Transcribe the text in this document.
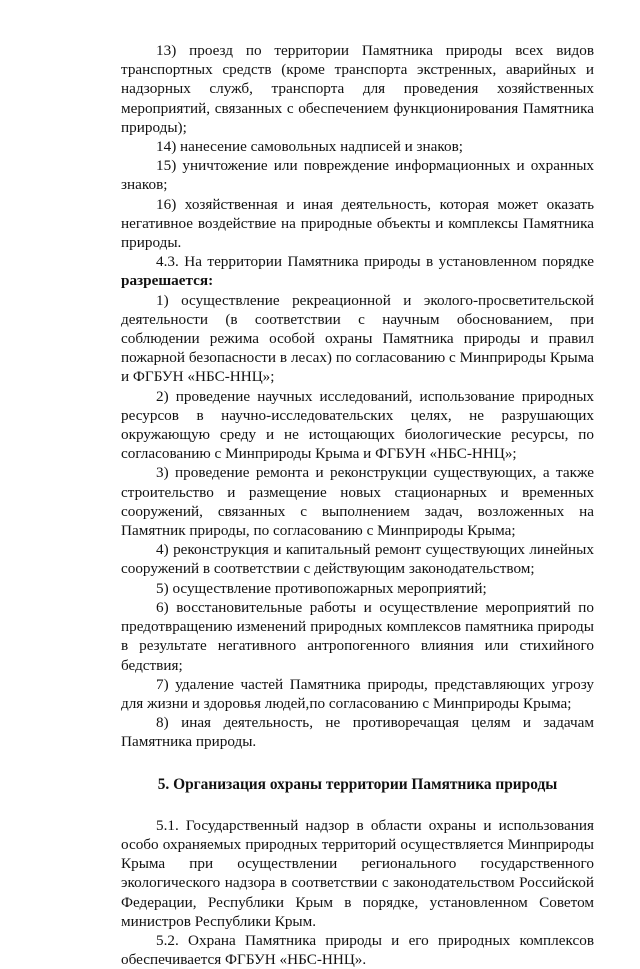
13) проезд по территории Памятника природы всех видов транспортных средств (кроме транспорта экстренных, аварийных и надзорных служб, транспорта для проведения хозяйственных мероприятий, связанных с обеспечением функционирования Памятника природы);

14) нанесение самовольных надписей и знаков;

15) уничтожение или повреждение информационных и охранных знаков;

16) хозяйственная и иная деятельность, которая может оказать негативное воздействие на природные объекты и комплексы Памятника природы.

4.3. На территории Памятника природы в установленном порядке разрешается:

1) осуществление рекреационной и эколого-просветительской деятельности (в соответствии с научным обоснованием, при соблюдении режима особой охраны Памятника природы и правил пожарной безопасности в лесах) по согласованию с Минприроды Крыма и ФГБУН «НБС-ННЦ»;

2) проведение научных исследований, использование природных ресурсов в научно-исследовательских целях, не разрушающих окружающую среду и не истощающих биологические ресурсы, по согласованию с Минприроды Крыма и ФГБУН «НБС-ННЦ»;

3) проведение ремонта и реконструкции существующих, а также строительство и размещение новых стационарных и временных сооружений, связанных с выполнением задач, возложенных на Памятник природы, по согласованию с Минприроды Крыма;

4) реконструкция и капитальный ремонт существующих линейных сооружений в соответствии с действующим законодательством;

5) осуществление противопожарных мероприятий;

6) восстановительные работы и осуществление мероприятий по предотвращению изменений природных комплексов памятника природы в результате негативного антропогенного влияния или стихийного бедствия;

7) удаление частей Памятника природы, представляющих угрозу для жизни и здоровья людей,по согласованию с Минприроды Крыма;

8) иная деятельность, не противоречащая целям и задачам Памятника природы.

5. Организация охраны территории Памятника природы

5.1. Государственный надзор в области охраны и использования особо охраняемых природных территорий осуществляется Минприроды Крыма при осуществлении регионального государственного экологического надзора в соответствии с законодательством Российской Федерации, Республики Крым в порядке, установленном Советом министров Республики Крым.

5.2. Охрана Памятника природы и его природных комплексов обеспечивается ФГБУН «НБС-ННЦ».
